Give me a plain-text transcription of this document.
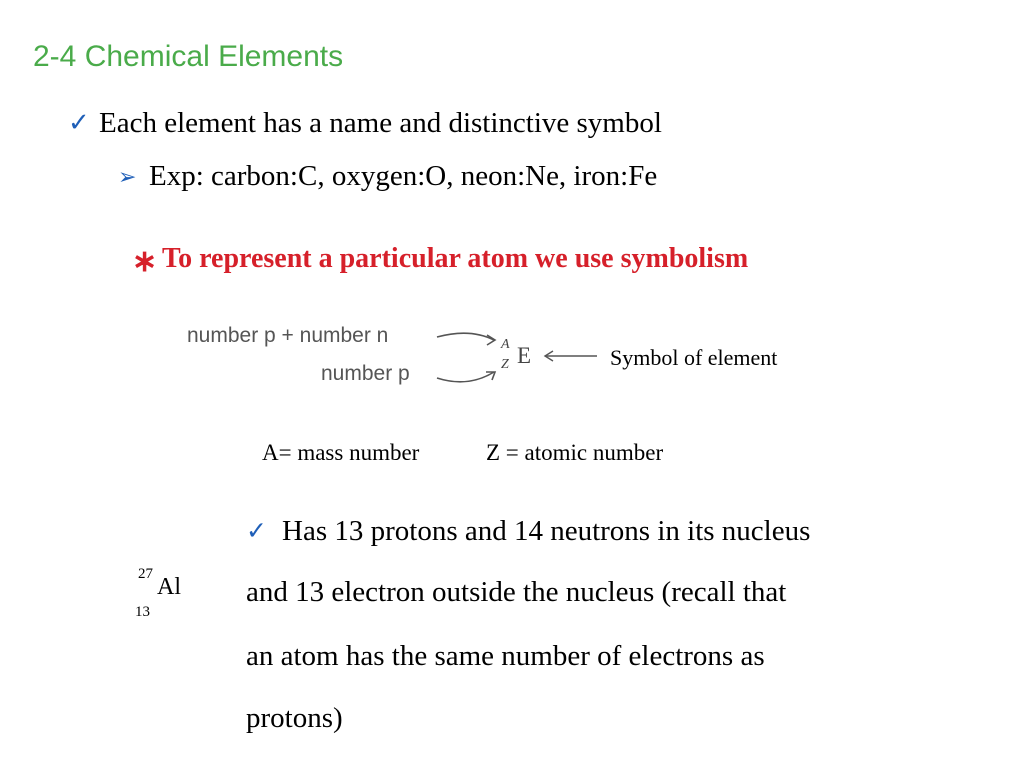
2-4 Chemical Elements
✓ Each element has a name and distinctive symbol
➢ Exp: carbon:C, oxygen:O, neon:Ne, iron:Fe
∗ To represent a particular atom we use symbolism
number p + number n
number p
A
Z E	Symbol of element
A= mass number	Z = atomic number
27
13
Al
✓ Has 13 protons and 14 neutrons in its nucleus
and 13 electron outside the nucleus (recall that
an atom has the same number of electrons as
protons)
